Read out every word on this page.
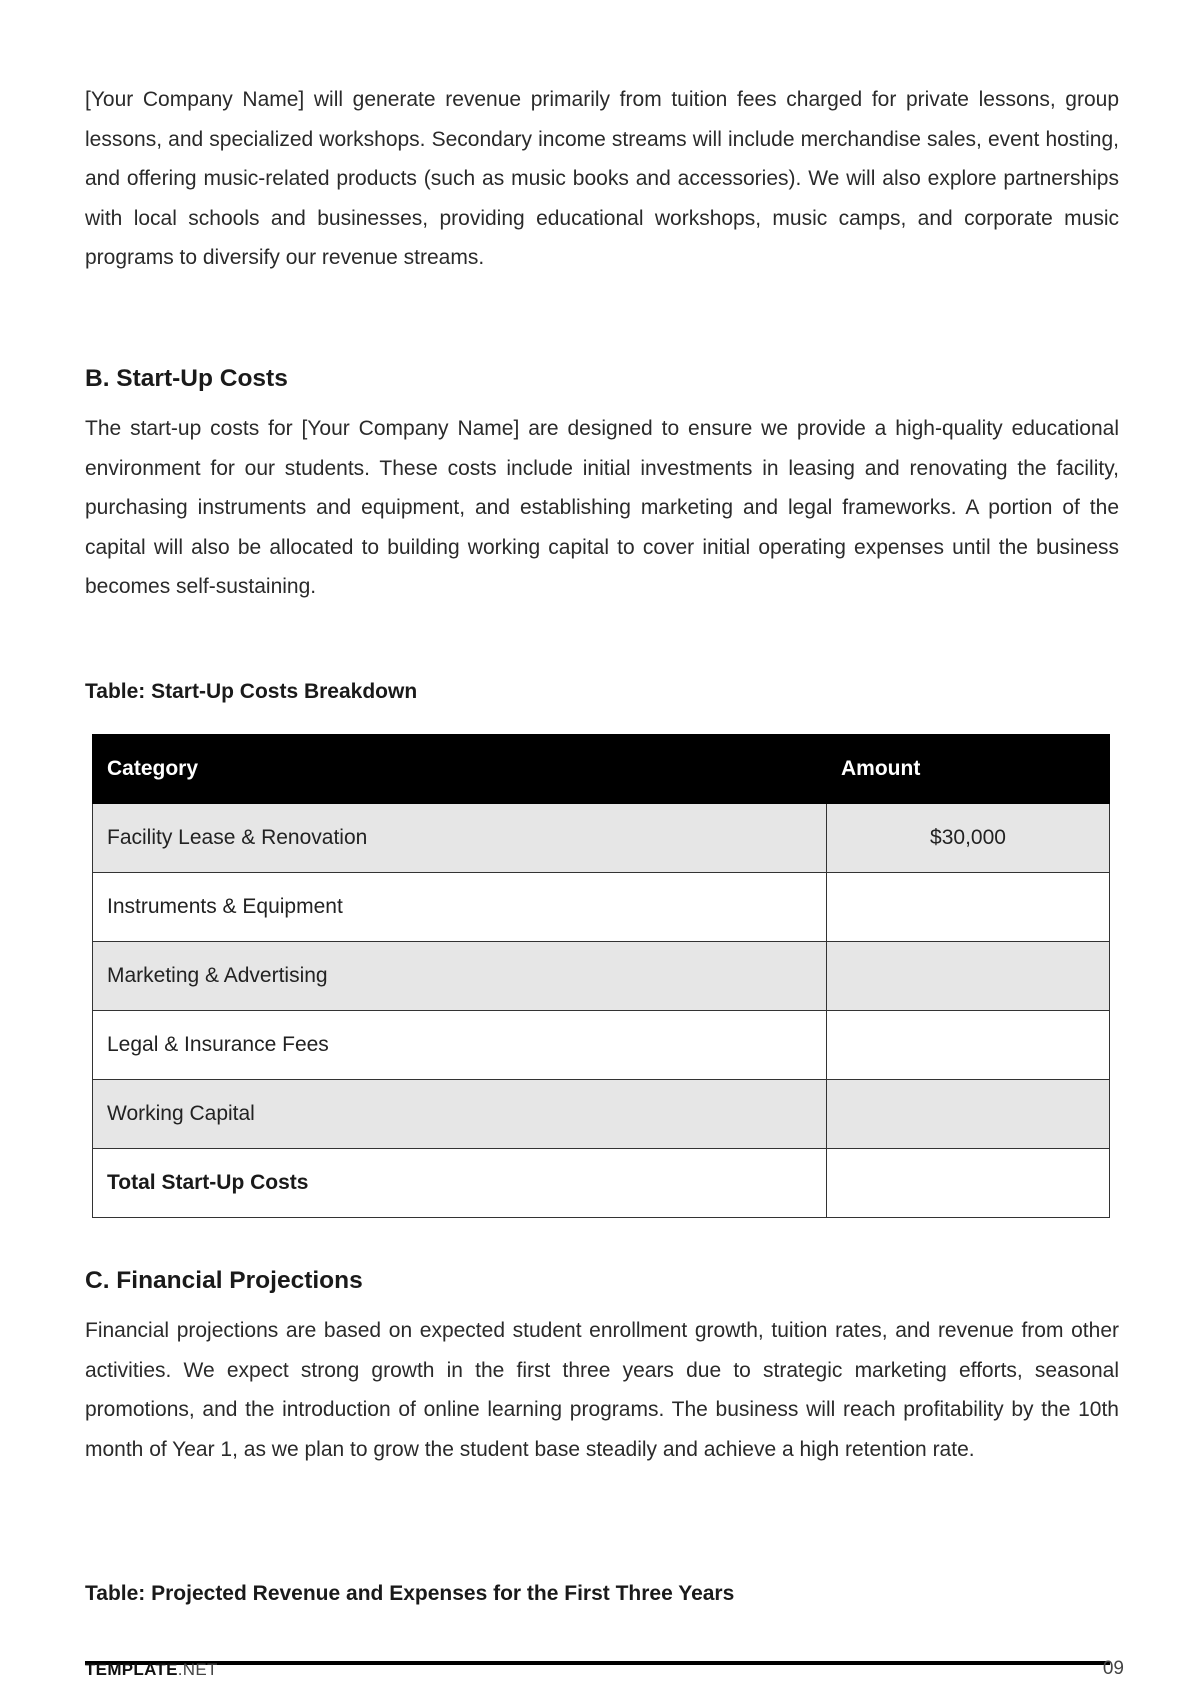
[Your Company Name] will generate revenue primarily from tuition fees charged for private lessons, group lessons, and specialized workshops. Secondary income streams will include merchandise sales, event hosting, and offering music-related products (such as music books and accessories). We will also explore partnerships with local schools and businesses, providing educational workshops, music camps, and corporate music programs to diversify our revenue streams.

B. Start-Up Costs

The start-up costs for [Your Company Name] are designed to ensure we provide a high-quality educational environment for our students. These costs include initial investments in leasing and renovating the facility, purchasing instruments and equipment, and establishing marketing and legal frameworks. A portion of the capital will also be allocated to building working capital to cover initial operating expenses until the business becomes self-sustaining.

Table: Start-Up Costs Breakdown
Category	Amount
Facility Lease & Renovation	$30,000
Instruments & Equipment	
Marketing & Advertising	
Legal & Insurance Fees	
Working Capital	
Total Start-Up Costs	
C. Financial Projections

Financial projections are based on expected student enrollment growth, tuition rates, and revenue from other activities. We expect strong growth in the first three years due to strategic marketing efforts, seasonal promotions, and the introduction of online learning programs. The business will reach profitability by the 10th month of Year 1, as we plan to grow the student base steadily and achieve a high retention rate.

Table: Projected Revenue and Expenses for the First Three Years
TEMPLATE.NET	09
